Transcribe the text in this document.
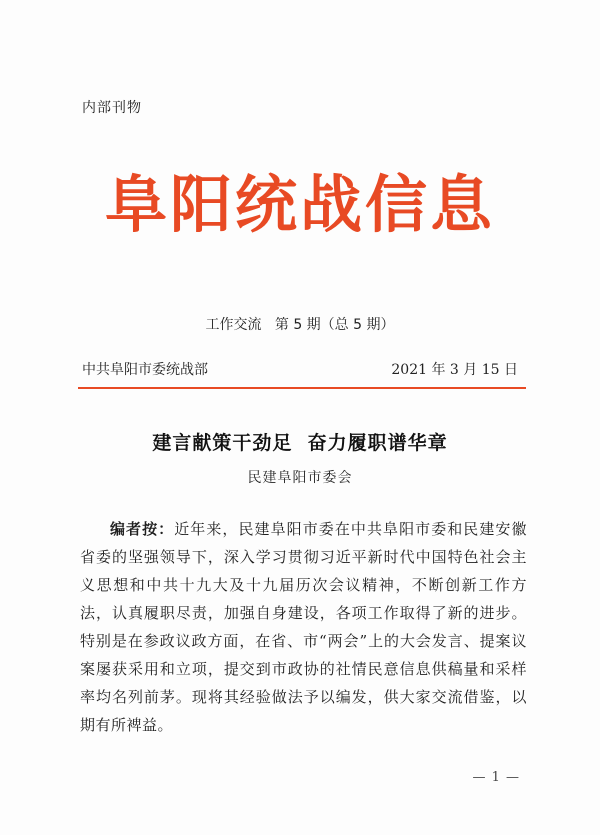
内部刊物
阜阳统战信息
工作交流   第 5 期（总 5 期）
中共阜阳市委统战部	2021 年 3 月 15 日
建言献策干劲足  奋力履职谱华章
民建阜阳市委会

编者按：近年来，民建阜阳市委在中共阜阳市委和民建安徽省委的坚强领导下，深入学习贯彻习近平新时代中国特色社会主义思想和中共十九大及十九届历次会议精神，不断创新工作方法，认真履职尽责，加强自身建设，各项工作取得了新的进步。特别是在参政议政方面，在省、市“两会”上的大会发言、提案议案屡获采用和立项，提交到市政协的社情民意信息供稿量和采样率均名列前茅。现将其经验做法予以编发，供大家交流借鉴，以期有所裨益。

— 1 —
